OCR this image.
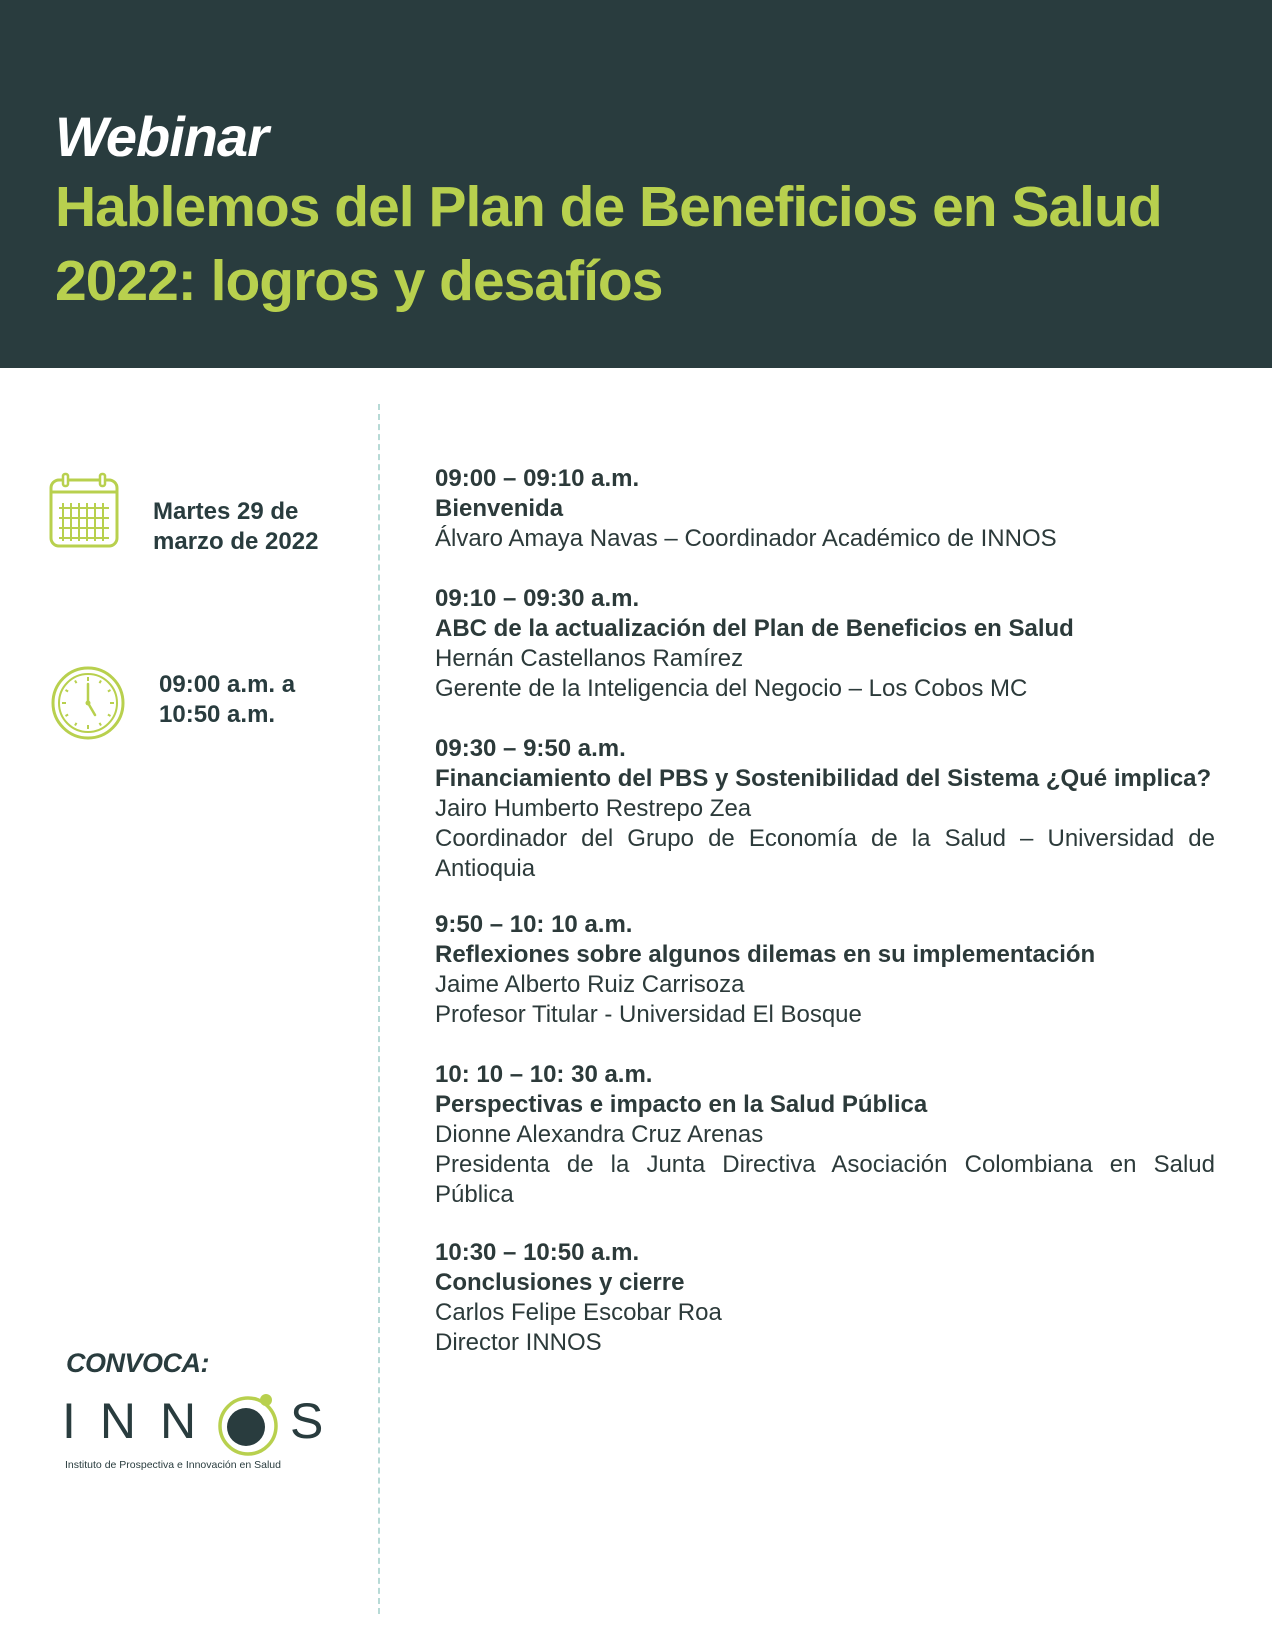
Webinar
Hablemos del Plan de Beneficios en Salud
2022: logros y desafíos
Martes 29 de
marzo de 2022
09:00 a.m. a
10:50 a.m.
CONVOCA:
INN S
Instituto de Prospectiva e Innovación en Salud
09:00 – 09:10 a.m.
Bienvenida
Álvaro Amaya Navas – Coordinador Académico de INNOS
09:10 – 09:30 a.m.
ABC de la actualización del Plan de Beneficios en Salud
Hernán Castellanos Ramírez
Gerente de la Inteligencia del Negocio – Los Cobos MC
09:30 – 9:50 a.m.
Financiamiento del PBS y Sostenibilidad del Sistema ¿Qué implica?
Jairo Humberto Restrepo Zea
Coordinador del Grupo de Economía de la Salud – Universidad de Antioquia
9:50 – 10: 10 a.m.
Reflexiones sobre algunos dilemas en su implementación
Jaime Alberto Ruiz Carrisoza
Profesor Titular - Universidad El Bosque
10: 10 – 10: 30 a.m.
Perspectivas e impacto en la Salud Pública
Dionne Alexandra Cruz Arenas
Presidenta de la Junta Directiva Asociación Colombiana en Salud Pública
10:30 – 10:50 a.m.
Conclusiones y cierre
Carlos Felipe Escobar Roa
Director INNOS
